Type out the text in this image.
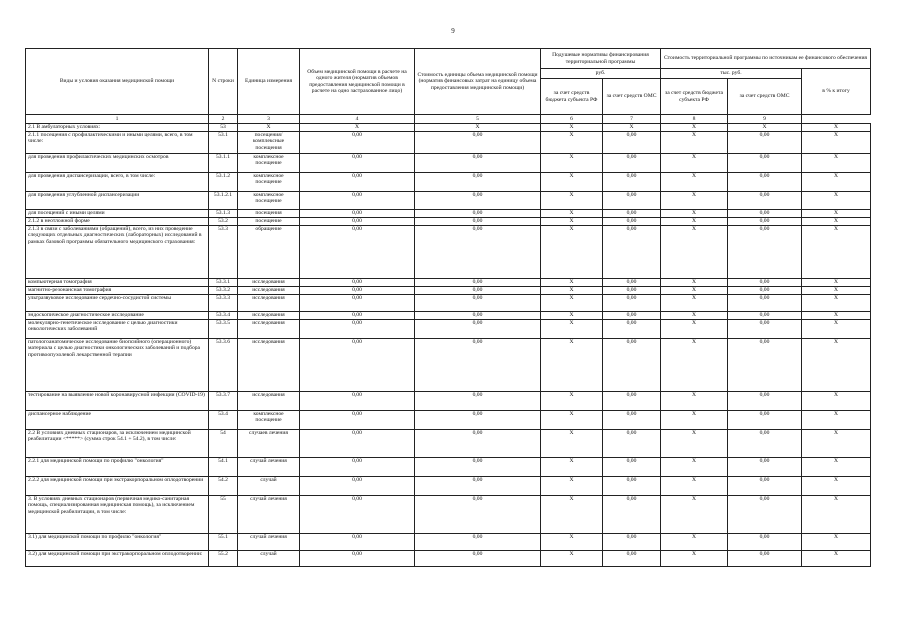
9
Виды и условия оказания медицинской помощи	N строки	Единица измерения	Объем медицинской помощи в расчете на одного жителя (норматив объемов предоставления медицинской помощи в расчете на одно застрахованное лицо)	Стоимость единицы объема медицинской помощи (норматив финансовых затрат на единицу объема предоставления медицинской помощи)	Подушевые нормативы финансирования территориальной программы		Стоимость территориальной программы по источникам ее финансового обеспечения		
					руб.		тыс. руб.		в % к итогу
					за счет средств бюджета субъекта РФ	за счет средств ОМС	за счет средств бюджета субъекта РФ	за счет средств ОМС	
1	2	3	4	5	6	7	8	9	
2.1 В амбулаторных условиях:	53	X	X	X	X	X	X	X	X
2.1.1 посещения с профилактическими и иными целями, всего, в том числе:	53.1	посещения/комплексные посещения	0,00	0,00	X	0,00	X	0,00	X
для проведения профилактических медицинских осмотров	53.1.1	комплексное посещение	0,00	0,00	X	0,00	X	0,00	X
для проведения диспансеризации, всего, в том числе:	53.1.2	комплексное посещение	0,00	0,00	X	0,00	X	0,00	X
для проведения углубленной диспансеризации	53.1.2.1	комплексное посещение	0,00	0,00	X	0,00	X	0,00	X
для посещений с иными целями	53.1.3	посещения	0,00	0,00	X	0,00	X	0,00	X
2.1.2 в неотложной форме	53.2	посещение	0,00	0,00	X	0,00	X	0,00	X
2.1.3 в связи с заболеваниями (обращений), всего, из них проведение следующих отдельных диагностических (лабораторных) исследований в рамках базовой программы обязательного медицинского страхования:	53.3	обращение	0,00	0,00	X	0,00	X	0,00	X
компьютерная томография	53.3.1	исследования	0,00	0,00	X	0,00	X	0,00	X
магнитно-резонансная томография	53.3.2	исследования	0,00	0,00	X	0,00	X	0,00	X
ультразвуковое исследование сердечно-сосудистой системы	53.3.3	исследования	0,00	0,00	X	0,00	X	0,00	X
эндоскопическое диагностическое исследование	53.3.4	исследования	0,00	0,00	X	0,00	X	0,00	X
молекулярно-генетическое исследование с целью диагностики онкологических заболеваний	53.3.5	исследования	0,00	0,00	X	0,00	X	0,00	X
патологоанатомическое исследование биопсийного (операционного) материала с целью диагностики онкологических заболеваний и подбора противоопухолевой лекарственной терапии	53.3.6	исследования	0,00	0,00	X	0,00	X	0,00	X
тестирование на выявление новой коронавирусной инфекции (COVID-19)	53.3.7	исследования	0,00	0,00	X	0,00	X	0,00	X
диспансерное наблюдение	53.4	комплексное посещение	0,00	0,00	X	0,00	X	0,00	X
2.2 В условиях дневных стационаров, за исключением медицинской реабилитации <*****> (сумма строк 54.1 + 54.2), в том числе:	54	случаев лечения	0,00	0,00	X	0,00	X	0,00	X
2.2.1 для медицинской помощи по профилю "онкология"	54.1	случай лечения	0,00	0,00	X	0,00	X	0,00	X
2.2.2 для медицинской помощи при экстракорпоральном оплодотворении	54.2	случай	0,00	0,00	X	0,00	X	0,00	X
3. В условиях дневных стационаров (первичная медико-санитарная помощь, специализированная медицинская помощь), за исключением медицинской реабилитации, в том числе:	55	случай лечения	0,00	0,00	X	0,00	X	0,00	X
3.1) для медицинской помощи по профилю "онкология"	55.1	случай лечения	0,00	0,00	X	0,00	X	0,00	X
3.2) для медицинской помощи при экстракорпоральном оплодотворении:	55.2	случай	0,00	0,00	X	0,00	X	0,00	X
